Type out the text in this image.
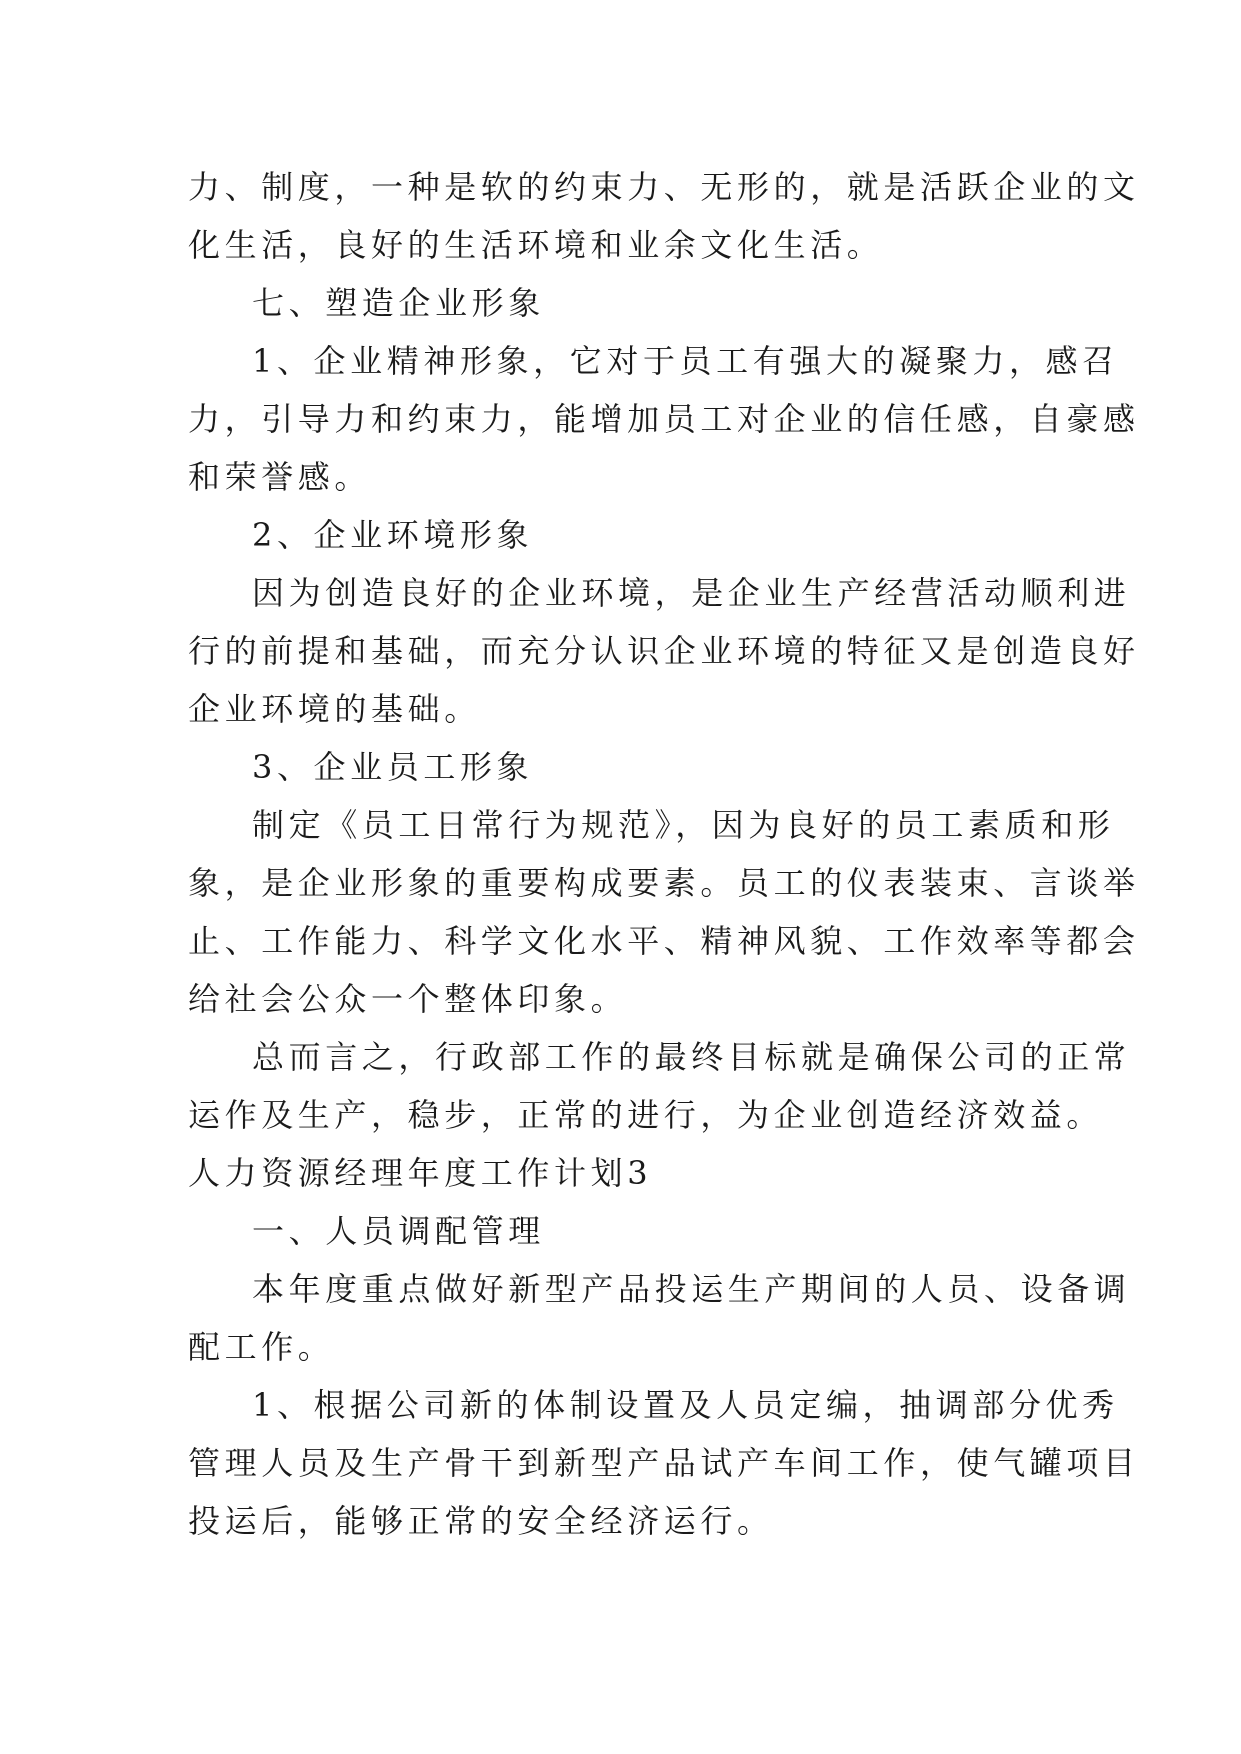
力、制度，一种是软的约束力、无形的，就是活跃企业的文
化生活，良好的生活环境和业余文化生活。
七、塑造企业形象
1、企业精神形象，它对于员工有强大的凝聚力，感召
力，引导力和约束力，能增加员工对企业的信任感，自豪感
和荣誉感。
2、企业环境形象
因为创造良好的企业环境，是企业生产经营活动顺利进
行的前提和基础，而充分认识企业环境的特征又是创造良好
企业环境的基础。
3、企业员工形象
制定《员工日常行为规范》，因为良好的员工素质和形
象，是企业形象的重要构成要素。员工的仪表装束、言谈举
止、工作能力、科学文化水平、精神风貌、工作效率等都会
给社会公众一个整体印象。
总而言之，行政部工作的最终目标就是确保公司的正常
运作及生产，稳步，正常的进行，为企业创造经济效益。
人力资源经理年度工作计划3
一、人员调配管理
本年度重点做好新型产品投运生产期间的人员、设备调
配工作。
1、根据公司新的体制设置及人员定编，抽调部分优秀
管理人员及生产骨干到新型产品试产车间工作，使气罐项目
投运后，能够正常的安全经济运行。
